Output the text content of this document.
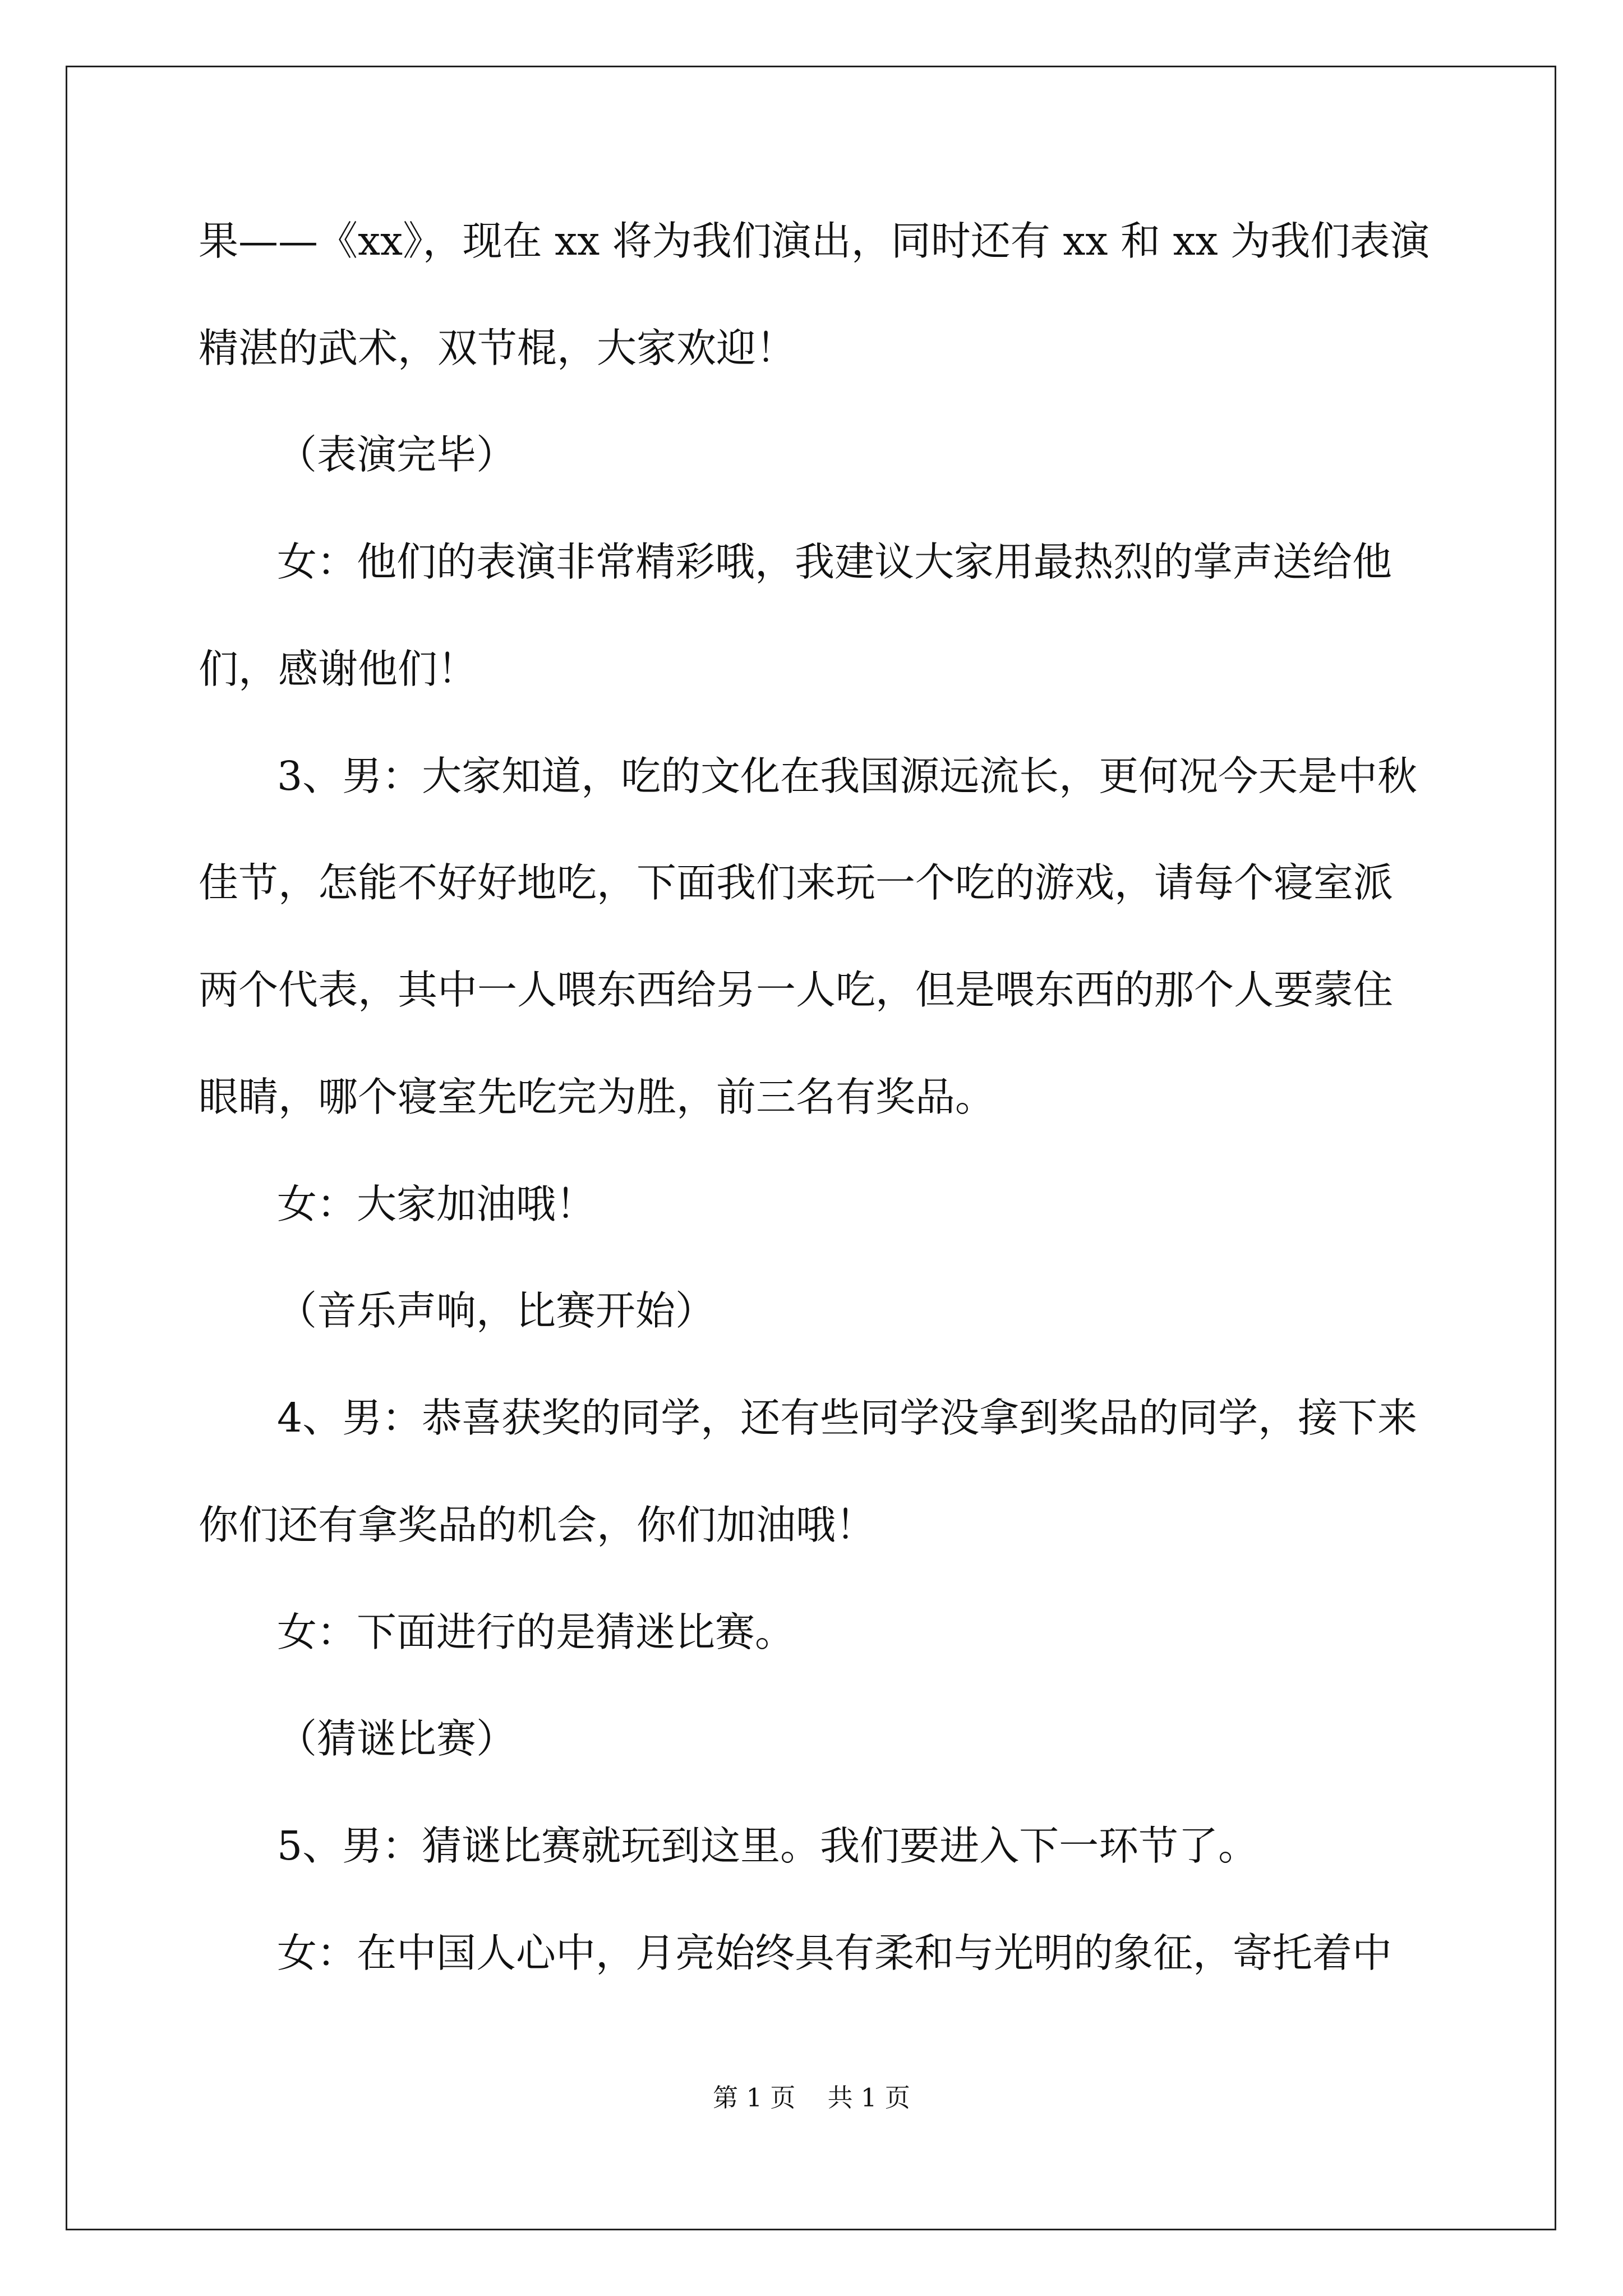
果——《xx》，现在 xx 将为我们演出，同时还有 xx 和 xx 为我们表演
精湛的武术，双节棍，大家欢迎！
（表演完毕）
女：他们的表演非常精彩哦，我建议大家用最热烈的掌声送给他
们，感谢他们！
3、男：大家知道，吃的文化在我国源远流长，更何况今天是中秋
佳节，怎能不好好地吃，下面我们来玩一个吃的游戏，请每个寝室派
两个代表，其中一人喂东西给另一人吃，但是喂东西的那个人要蒙住
眼睛，哪个寝室先吃完为胜，前三名有奖品。
女：大家加油哦！
（音乐声响，比赛开始）
4、男：恭喜获奖的同学，还有些同学没拿到奖品的同学，接下来
你们还有拿奖品的机会，你们加油哦！
女：下面进行的是猜迷比赛。
（猜谜比赛）
5、男：猜谜比赛就玩到这里。我们要进入下一环节了。
女：在中国人心中，月亮始终具有柔和与光明的象征，寄托着中
第 1 页    共 1 页
